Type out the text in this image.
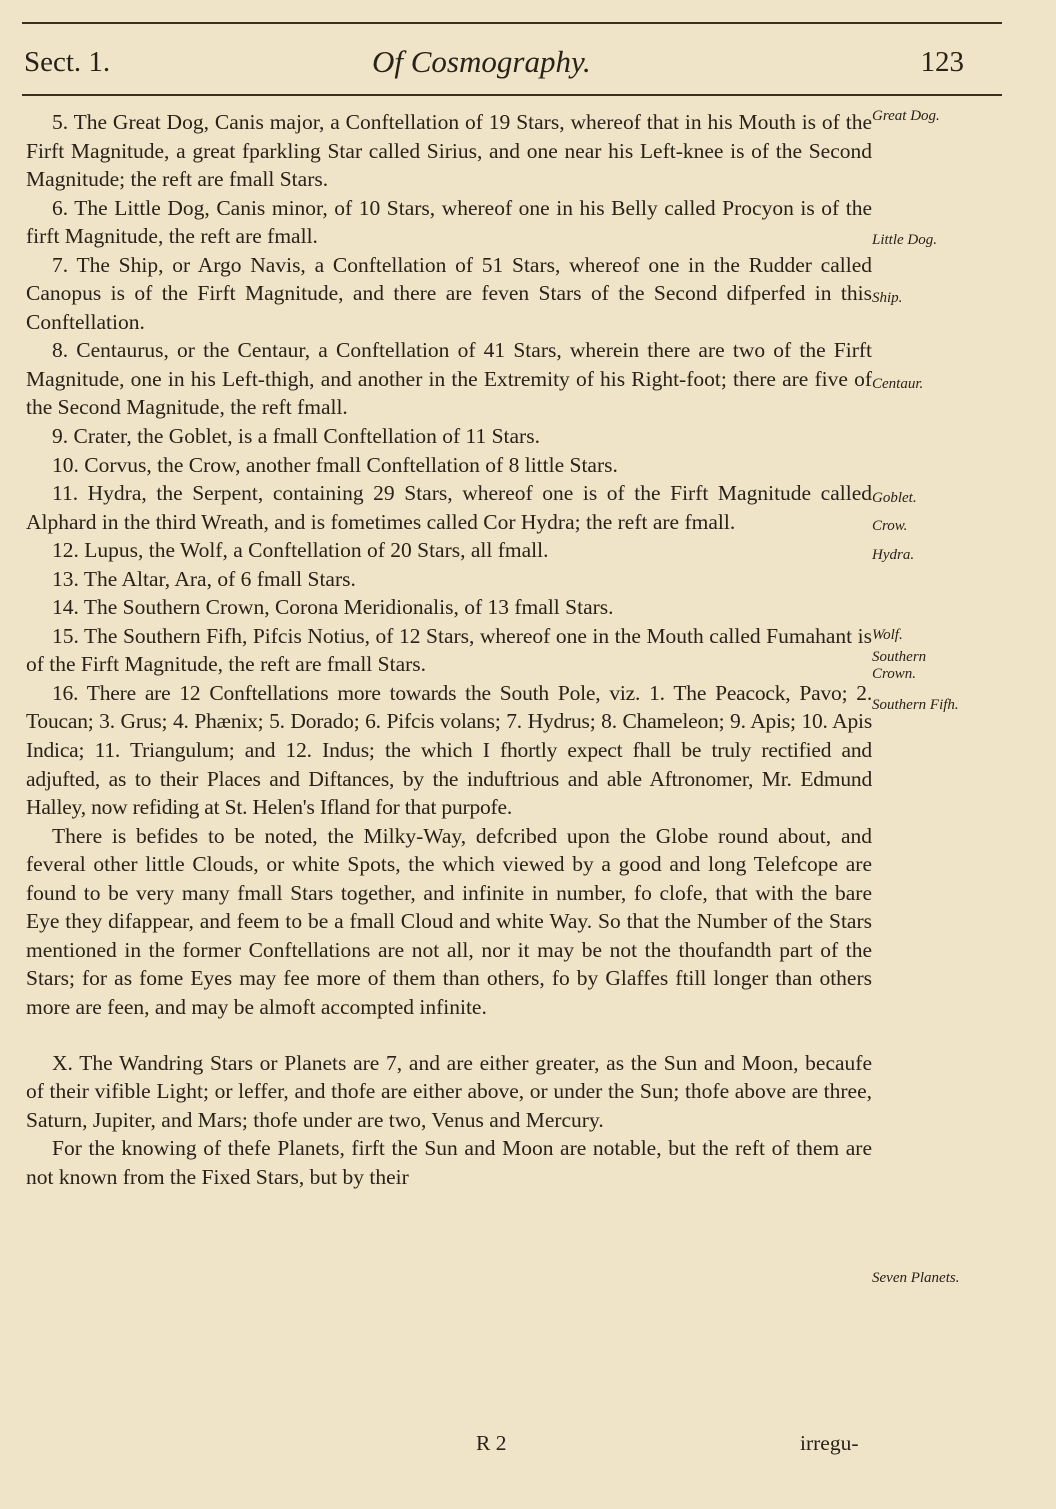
Sect. 1.	Of Cosmography.	123

5. The Great Dog, Canis major, a Conftellation of 19 Stars, whereof that in his Mouth is of the Firft Magnitude, a great fparkling Star called Sirius, and one near his Left-knee is of the Second Magnitude; the reft are fmall Stars.

6. The Little Dog, Canis minor, of 10 Stars, whereof one in his Belly called Procyon is of the firft Magnitude, the reft are fmall.

7. The Ship, or Argo Navis, a Conftellation of 51 Stars, whereof one in the Rudder called Canopus is of the Firft Magnitude, and there are feven Stars of the Second difperfed in this Conftellation.

8. Centaurus, or the Centaur, a Conftellation of 41 Stars, wherein there are two of the Firft Magnitude, one in his Left-thigh, and another in the Extremity of his Right-foot; there are five of the Second Magnitude, the reft fmall.

9. Crater, the Goblet, is a fmall Conftellation of 11 Stars.

10. Corvus, the Crow, another fmall Conftellation of 8 little Stars.

11. Hydra, the Serpent, containing 29 Stars, whereof one is of the Firft Magnitude called Alphard in the third Wreath, and is fometimes called Cor Hydra; the reft are fmall.

12. Lupus, the Wolf, a Conftellation of 20 Stars, all fmall.

13. The Altar, Ara, of 6 fmall Stars.

14. The Southern Crown, Corona Meridionalis, of 13 fmall Stars.

15. The Southern Fifh, Pifcis Notius, of 12 Stars, whereof one in the Mouth called Fumahant is of the Firft Magnitude, the reft are fmall Stars.

16. There are 12 Conftellations more towards the South Pole, viz. 1. The Peacock, Pavo; 2. Toucan; 3. Grus; 4. Phænix; 5. Dorado; 6. Pifcis volans; 7. Hydrus; 8. Chameleon; 9. Apis; 10. Apis Indica; 11. Triangulum; and 12. Indus; the which I fhortly expect fhall be truly rectified and adjufted, as to their Places and Diftances, by the induftrious and able Aftronomer, Mr. Edmund Halley, now refiding at St. Helen's Ifland for that purpofe.

There is befides to be noted, the Milky-Way, defcribed upon the Globe round about, and feveral other little Clouds, or white Spots, the which viewed by a good and long Telefcope are found to be very many fmall Stars together, and infinite in number, fo clofe, that with the bare Eye they difappear, and feem to be a fmall Cloud and white Way. So that the Number of the Stars mentioned in the former Conftellations are not all, nor it may be not the thoufandth part of the Stars; for as fome Eyes may fee more of them than others, fo by Glaffes ftill longer than others more are feen, and may be almoft accompted infinite.

X. The Wandring Stars or Planets are 7, and are either greater, as the Sun and Moon, becaufe of their vifible Light; or leffer, and thofe are either above, or under the Sun; thofe above are three, Saturn, Jupiter, and Mars; thofe under are two, Venus and Mercury.

For the knowing of thefe Planets, firft the Sun and Moon are notable, but the reft of them are not known from the Fixed Stars, but by their

Great Dog.
Little Dog.
Ship.
Centaur.
Goblet.
Crow.
Hydra.
Wolf.
Southern Crown.
Southern Fifh.
Seven Planets.
R 2	irregu-
